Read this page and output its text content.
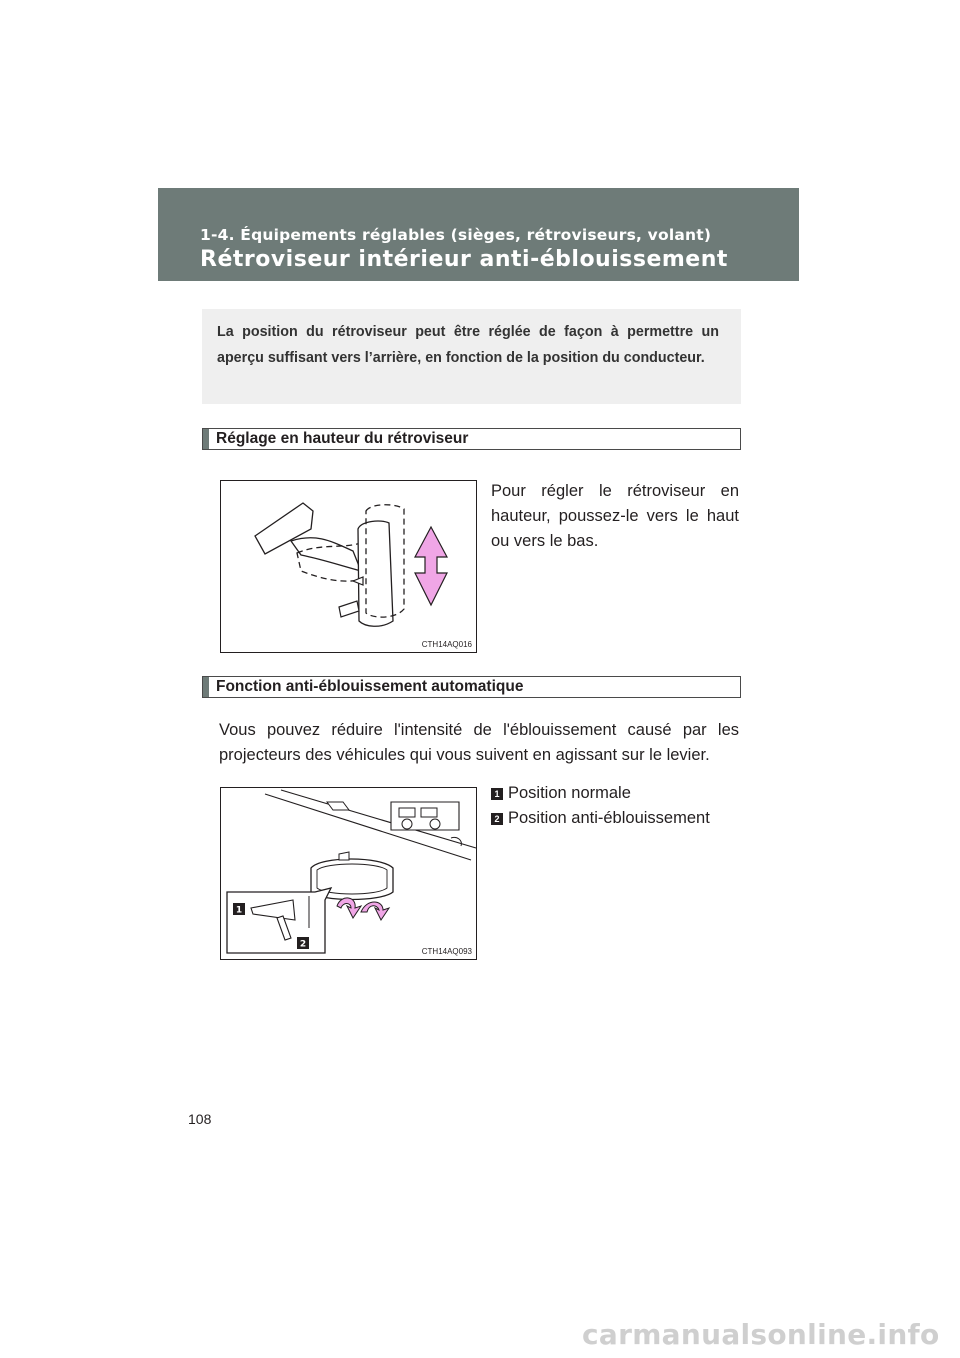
1-4. Équipements réglables (sièges, rétroviseurs, volant)
Rétroviseur intérieur anti-éblouissement

La position du rétroviseur peut être réglée de façon à permettre un aperçu suffisant vers l’arrière, en fonction de la position du conducteur.

Réglage en hauteur du rétroviseur
CTH14AQ016

Pour régler le rétroviseur en hauteur, poussez-le vers le haut ou vers le bas.

Fonction anti-éblouissement automatique

Vous pouvez réduire l'intensité de l'éblouissement causé par les projecteurs des véhicules qui vous suivent en agissant sur le levier.

1
2
CTH14AQ093
1 Position normale
2 Position anti-éblouissement
108
carmanualsonline.info
